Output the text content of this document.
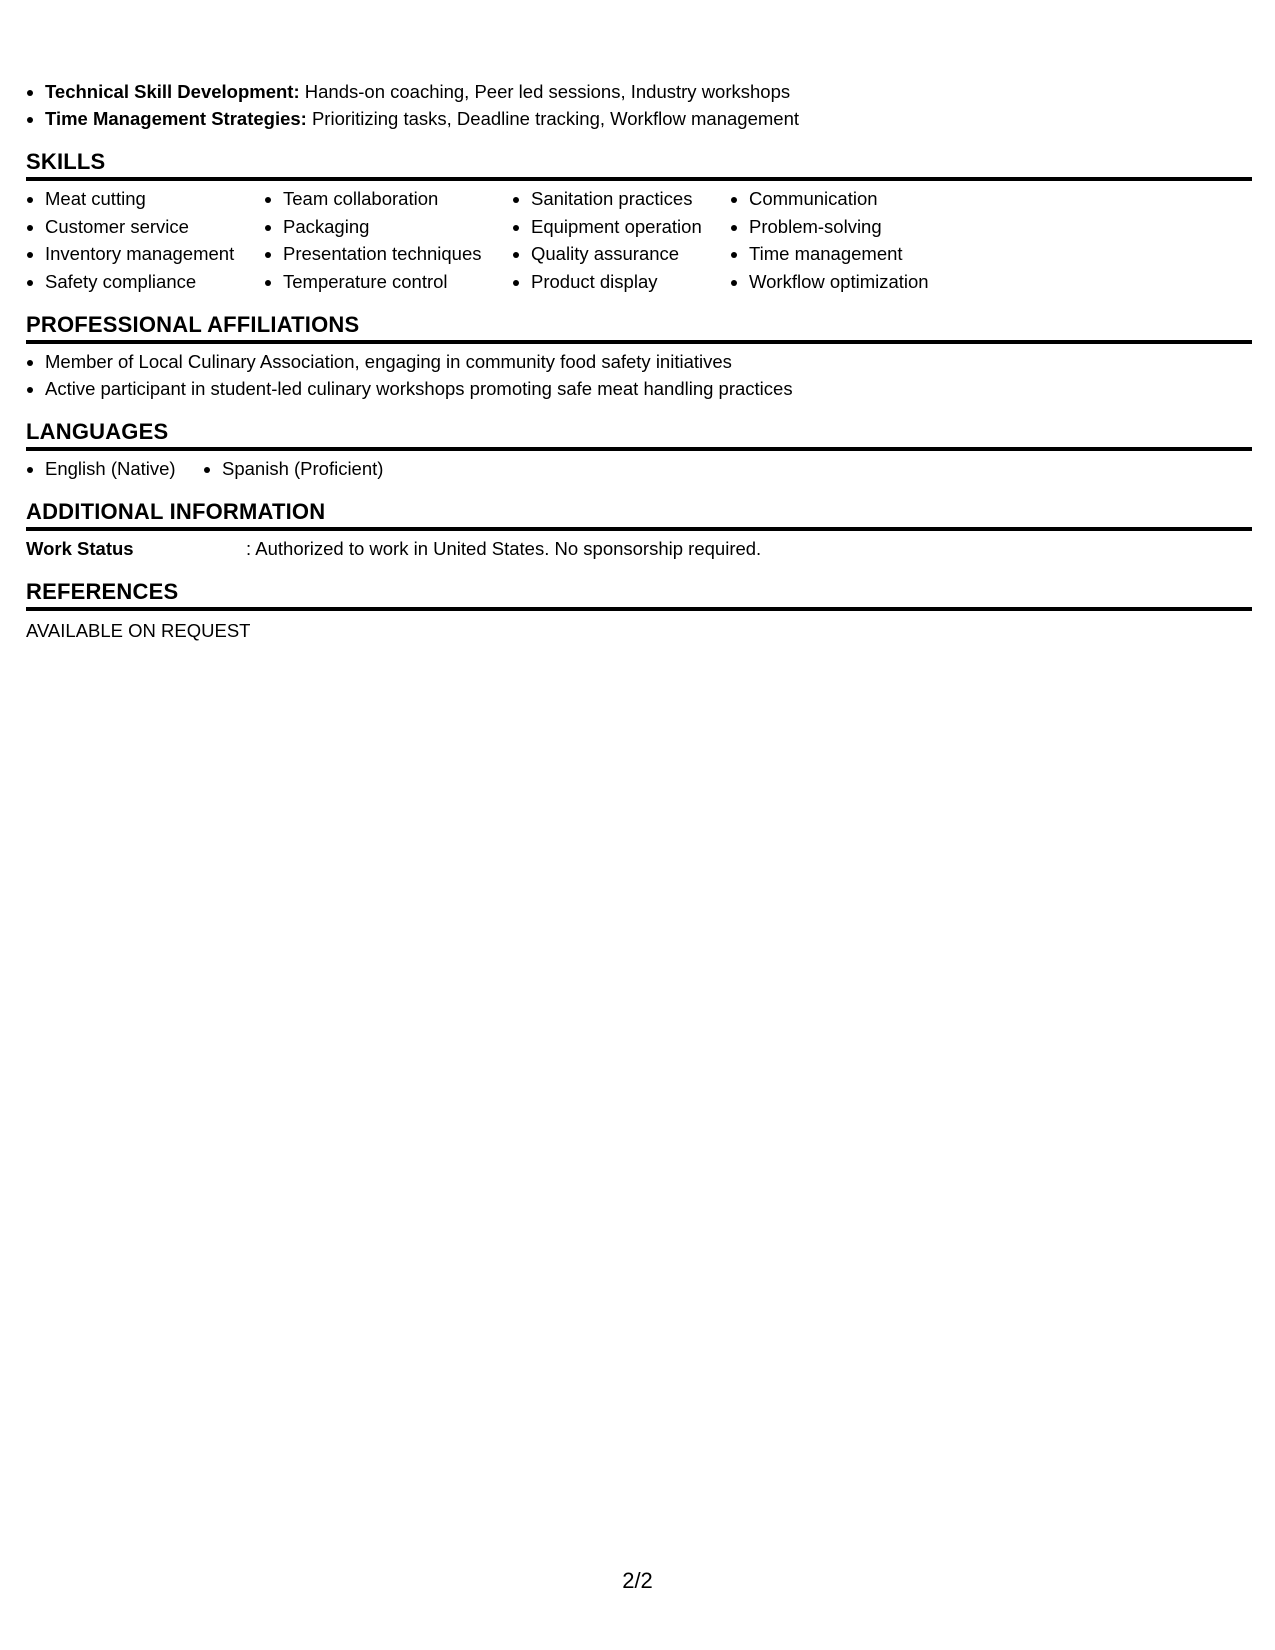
• Technical Skill Development: Hands-on coaching, Peer led sessions, Industry workshops
• Time Management Strategies: Prioritizing tasks, Deadline tracking, Workflow management
SKILLS
• Meat cutting
• Customer service
• Inventory management
• Safety compliance
• Team collaboration
• Packaging
• Presentation techniques
• Temperature control
• Sanitation practices
• Equipment operation
• Quality assurance
• Product display
• Communication
• Problem-solving
• Time management
• Workflow optimization
PROFESSIONAL AFFILIATIONS
• Member of Local Culinary Association, engaging in community food safety initiatives
• Active participant in student-led culinary workshops promoting safe meat handling practices
LANGUAGES
• English (Native)
•	Spanish (Proficient)
ADDITIONAL INFORMATION
Work Status	: Authorized to work in United States. No sponsorship required.
REFERENCES
AVAILABLE ON REQUEST
2/2
